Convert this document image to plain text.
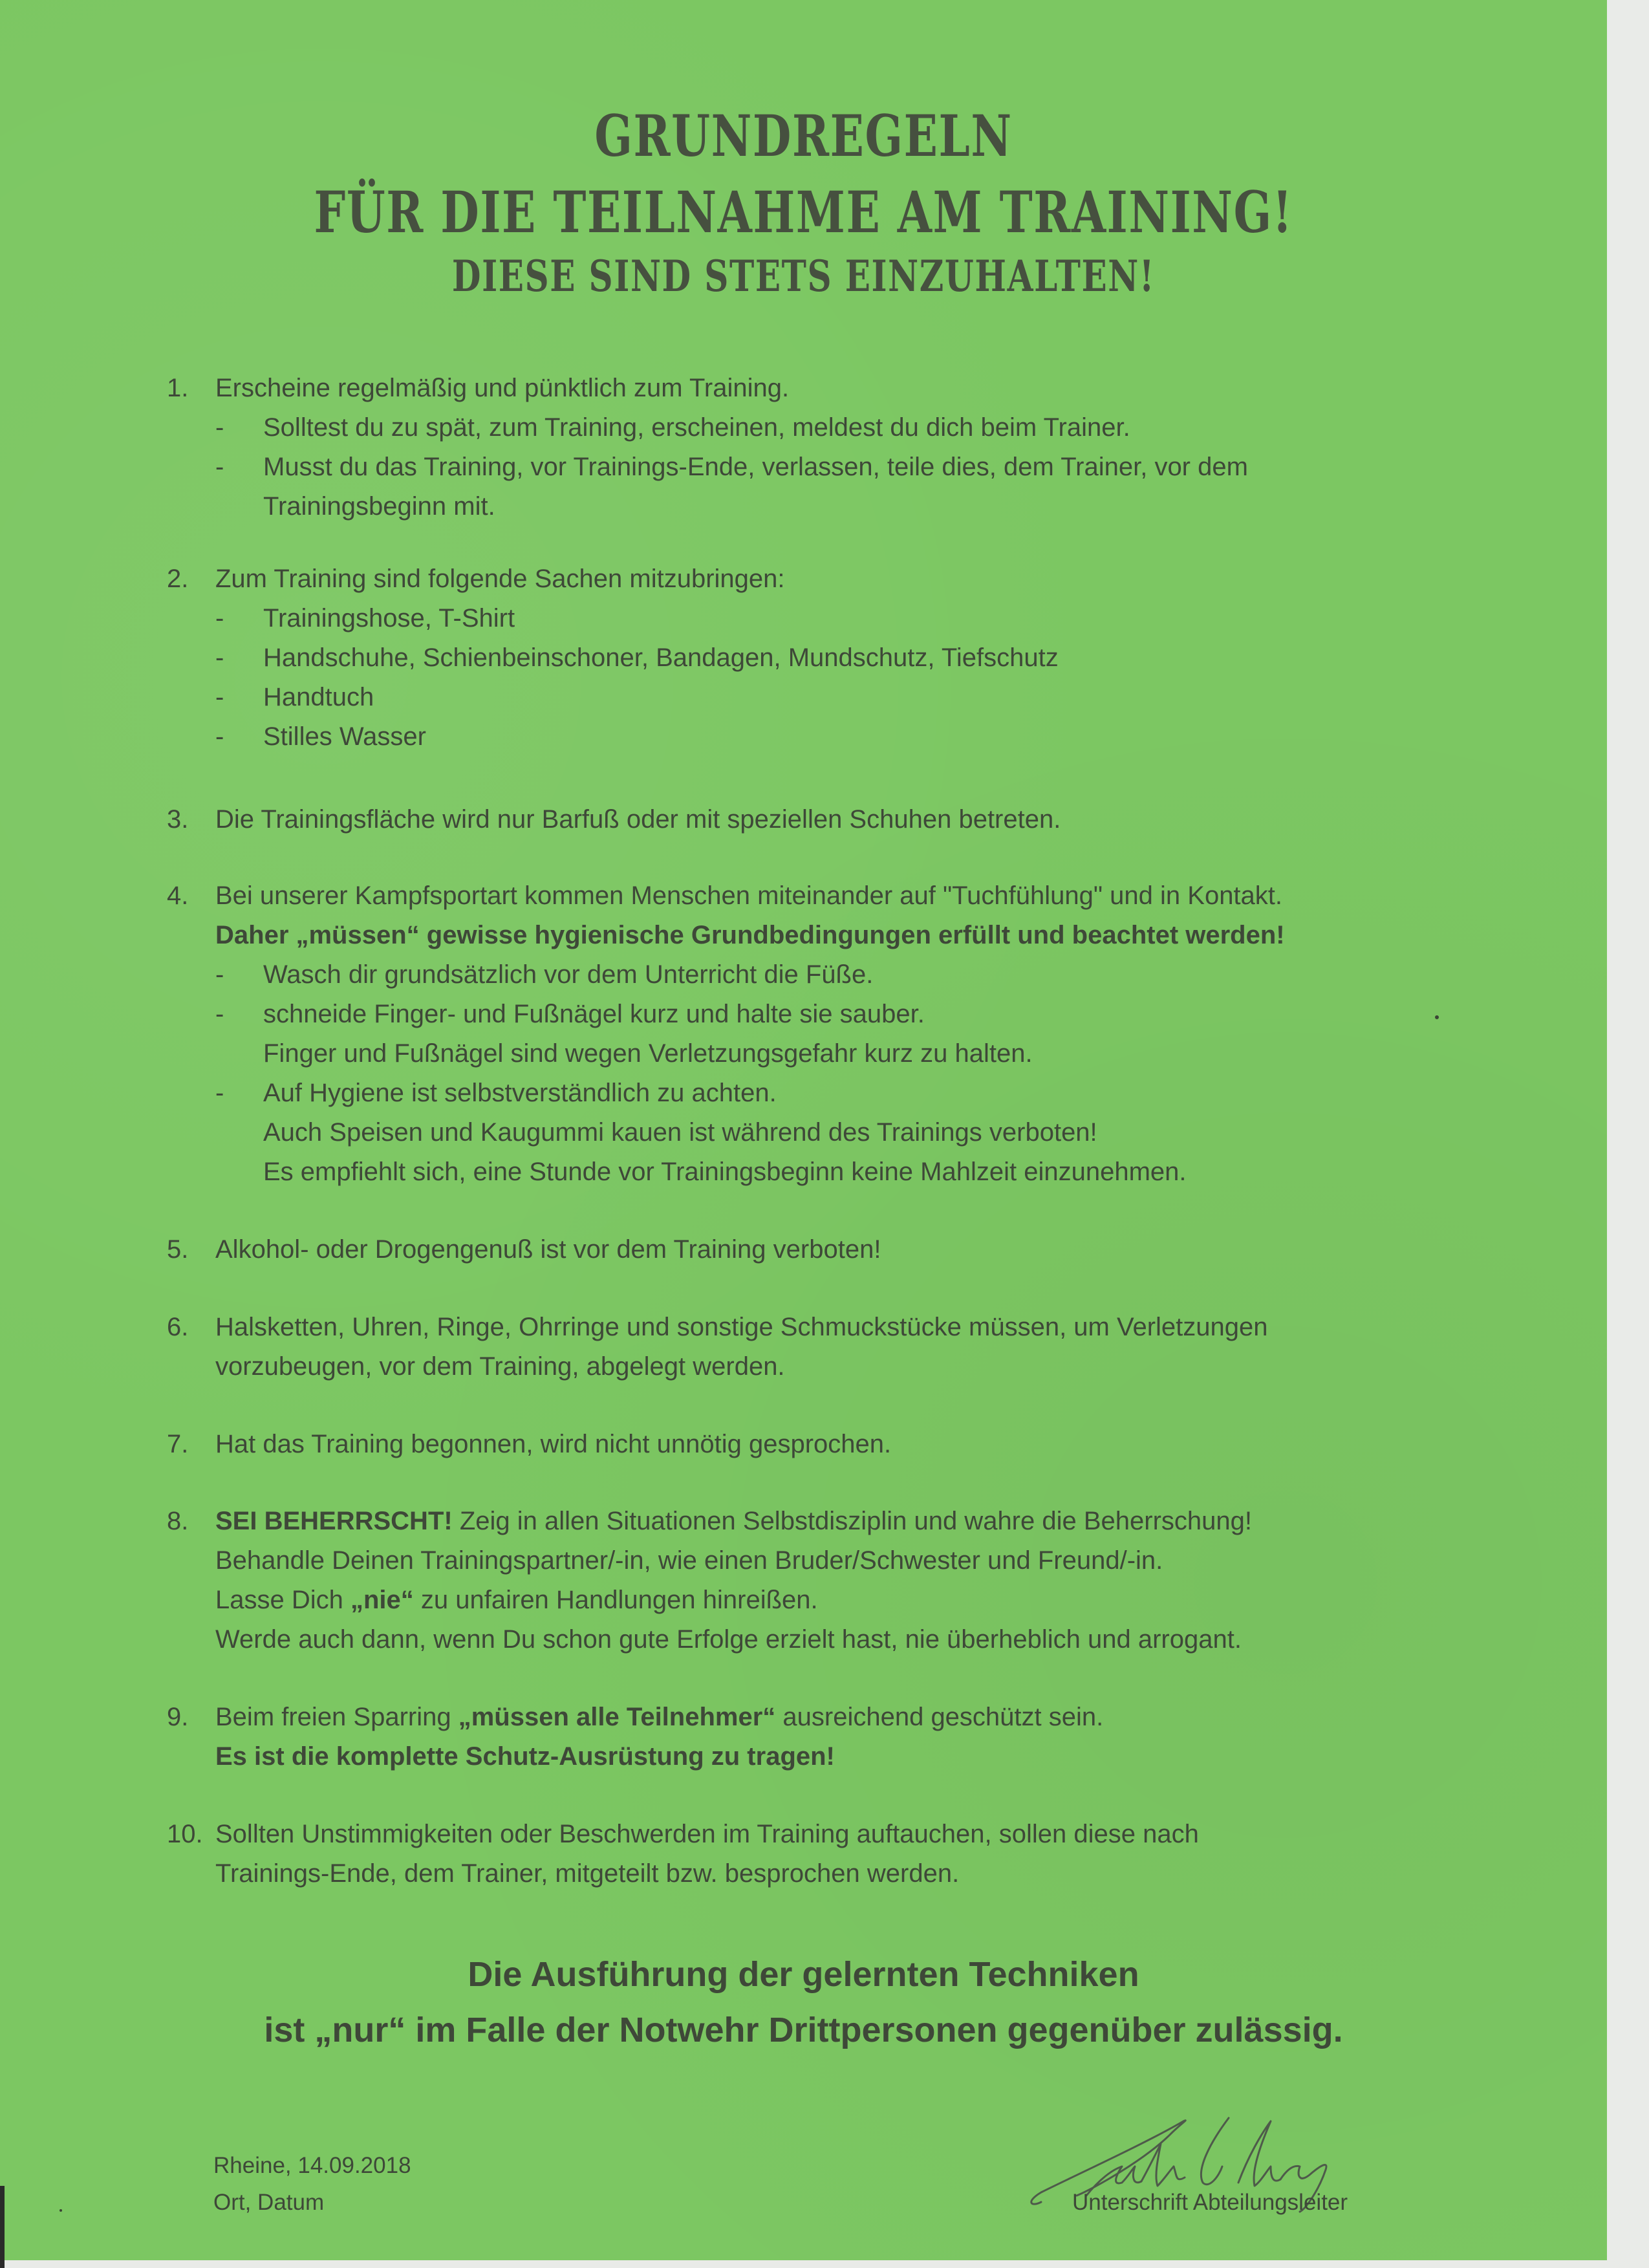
GRUNDREGELN
FÜR DIE TEILNAHME AM TRAINING!
DIESE SIND STETS EINZUHALTEN!
1. Erscheine regelmäßig und pünktlich zum Training.
- Solltest du zu spät, zum Training, erscheinen, meldest du dich beim Trainer.
- Musst du das Training, vor Trainings-Ende, verlassen, teile dies, dem Trainer, vor dem
Trainingsbeginn mit.
2. Zum Training sind folgende Sachen mitzubringen:
- Trainingshose, T-Shirt
- Handschuhe, Schienbeinschoner, Bandagen, Mundschutz, Tiefschutz
- Handtuch
- Stilles Wasser
3. Die Trainingsfläche wird nur Barfuß oder mit speziellen Schuhen betreten.
4. Bei unserer Kampfsportart kommen Menschen miteinander auf "Tuchfühlung" und in Kontakt.
Daher „müssen“ gewisse hygienische Grundbedingungen erfüllt und beachtet werden!
- Wasch dir grundsätzlich vor dem Unterricht die Füße.
- schneide Finger- und Fußnägel kurz und halte sie sauber.
Finger und Fußnägel sind wegen Verletzungsgefahr kurz zu halten.
- Auf Hygiene ist selbstverständlich zu achten.
Auch Speisen und Kaugummi kauen ist während des Trainings verboten!
Es empfiehlt sich, eine Stunde vor Trainingsbeginn keine Mahlzeit einzunehmen.
5. Alkohol- oder Drogengenuß ist vor dem Training verboten!
6. Halsketten, Uhren, Ringe, Ohrringe und sonstige Schmuckstücke müssen, um Verletzungen
vorzubeugen, vor dem Training, abgelegt werden.
7. Hat das Training begonnen, wird nicht unnötig gesprochen.
8. SEI BEHERRSCHT! Zeig in allen Situationen Selbstdisziplin und wahre die Beherrschung!
Behandle Deinen Trainingspartner/-in, wie einen Bruder/Schwester und Freund/-in.
Lasse Dich „nie“ zu unfairen Handlungen hinreißen.
Werde auch dann, wenn Du schon gute Erfolge erzielt hast, nie überheblich und arrogant.
9. Beim freien Sparring „müssen alle Teilnehmer“ ausreichend geschützt sein.
Es ist die komplette Schutz-Ausrüstung zu tragen!
10. Sollten Unstimmigkeiten oder Beschwerden im Training auftauchen, sollen diese nach
Trainings-Ende, dem Trainer, mitgeteilt bzw. besprochen werden.
Die Ausführung der gelernten Techniken
ist „nur“ im Falle der Notwehr Drittpersonen gegenüber zulässig.
Rheine, 14.09.2018
Ort, Datum	Unterschrift Abteilungsleiter
